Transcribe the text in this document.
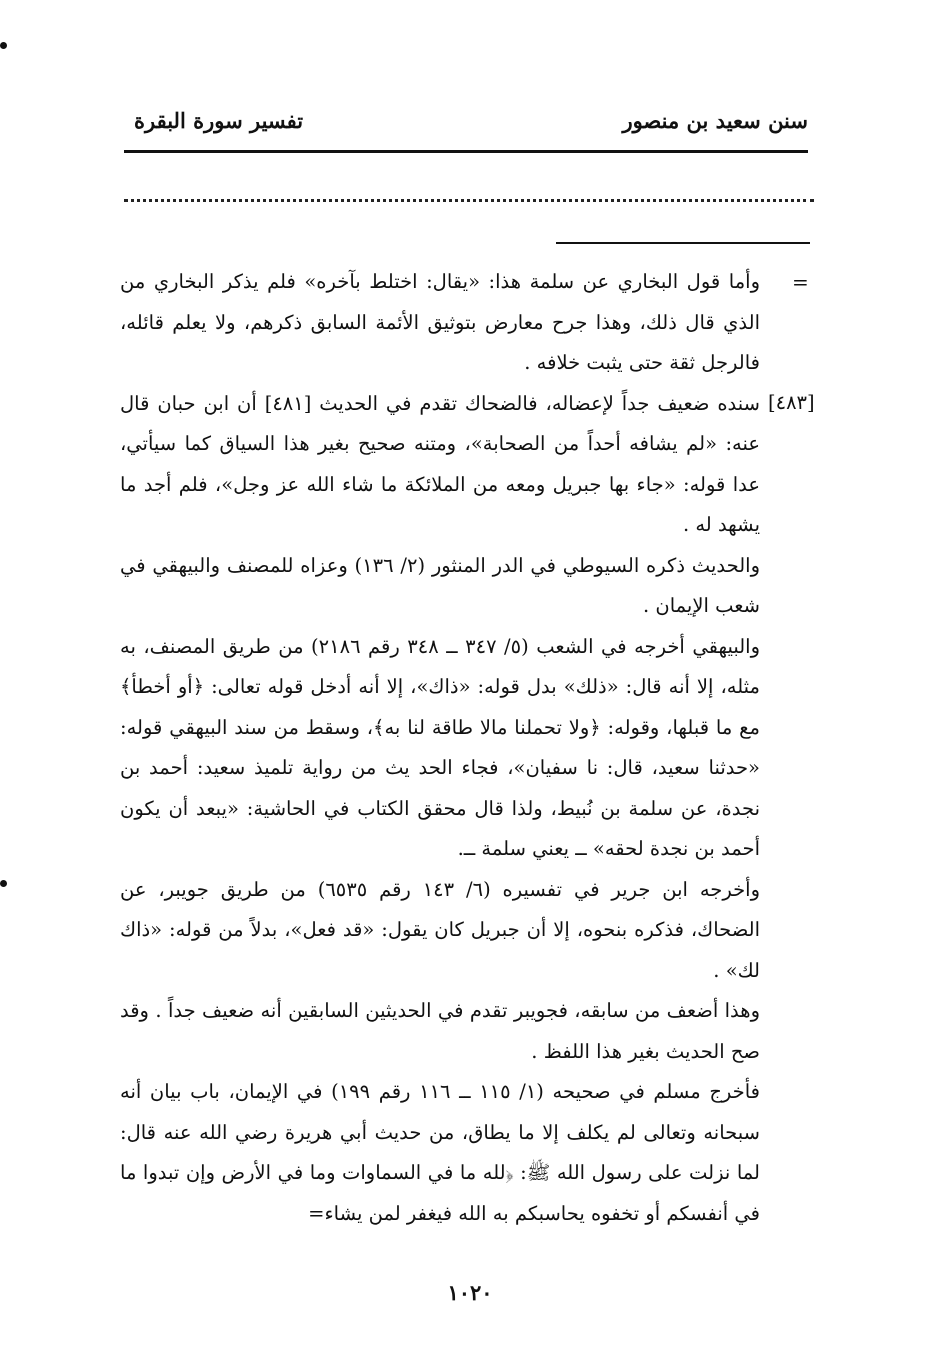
سنن سعيد بن منصور
تفسير سورة البقرة
=
[٤٨٣]

وأما قول البخاري عن سلمة هذا: «يقال: اختلط بآخره» فلم يذكر البخاري من الذي قال ذلك، وهذا جرح معارض بتوثيق الأئمة السابق ذكرهم، ولا يعلم قائله، فالرجل ثقة حتى يثبت خلافه .

سنده ضعيف جداً لإعضاله، فالضحاك تقدم في الحديث [٤٨١] أن ابن حبان قال عنه: «لم يشافه أحداً من الصحابة»، ومتنه صحيح بغير هذا السياق كما سيأتي، عدا قوله: «جاء بها جبريل ومعه من الملائكة ما شاء الله عز وجل»، فلم أجد ما يشهد له .

والحديث ذكره السيوطي في الدر المنثور (٢/ ١٣٦) وعزاه للمصنف والبيهقي في شعب الإيمان .

والبيهقي أخرجه في الشعب (٥/ ٣٤٧ ــ ٣٤٨ رقم ٢١٨٦) من طريق المصنف، به مثله، إلا أنه قال: «ذلك» بدل قوله: «ذاك»، إلا أنه أدخل قوله تعالى: ﴿أو أخطأ﴾ مع ما قبلها، وقوله: ﴿ولا تحملنا مالا طاقة لنا به﴾، وسقط من سند البيهقي قوله: «حدثنا سعيد، قال: نا سفيان»، فجاء الحد يث من رواية تلميذ سعيد: أحمد بن نجدة، عن سلمة بن نُبيط، ولذا قال محقق الكتاب في الحاشية: «يبعد أن يكون أحمد بن نجدة لحقه» ــ يعني سلمة ــ.

وأخرجه ابن جرير في تفسيره (٦/ ١٤٣ رقم ٦٥٣٥) من طريق جويبر، عن الضحاك، فذكره بنحوه، إلا أن جبريل كان يقول: «قد فعل»، بدلاً من قوله: «ذاك لك» .

وهذا أضعف من سابقه، فجويبر تقدم في الحديثين السابقين أنه ضعيف جداً . وقد صح الحديث بغير هذا اللفظ .

فأخرج مسلم في صحيحه (١/ ١١٥ ــ ١١٦ رقم ١٩٩) في الإيمان، باب بيان أنه سبحانه وتعالى لم يكلف إلا ما يطاق، من حديث أبي هريرة رضي الله عنه قال: لما نزلت على رسول الله ﷺ: ﴿لله ما في السماوات وما في الأرض وإن تبدوا ما في أنفسكم أو تخفوه يحاسبكم به الله فيغفر لمن يشاء=

١٠٢٠
